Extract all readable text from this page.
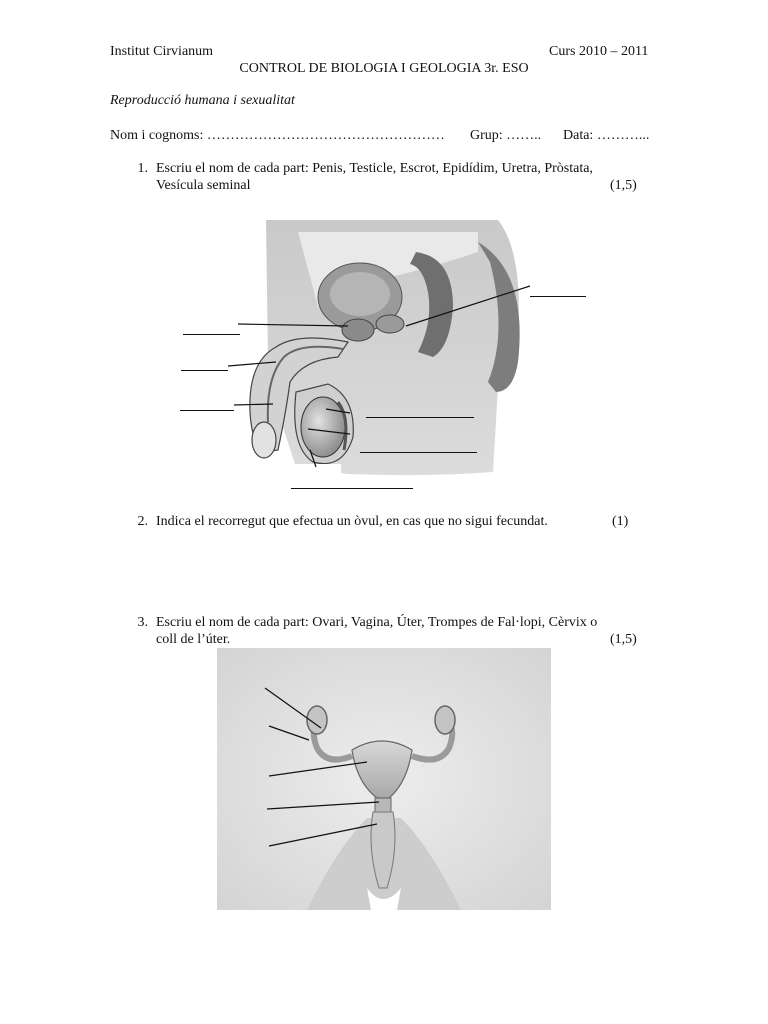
Institut Cirvianum	Curs 2010 – 2011
CONTROL DE BIOLOGIA I GEOLOGIA 3r. ESO
Reproducció humana i sexualitat
Nom i cognoms: …………………………………………… Grup: …….. Data: ………...
1. Escriu el nom de cada part: Penis, Testicle, Escrot, Epidídim, Uretra, Pròstata,
Vesícula seminal	(1,5)
2. Indica el recorregut que efectua un òvul, en cas que no sigui fecundat.	(1)
3. Escriu el nom de cada part: Ovari, Vagina, Úter, Trompes de Fal·lopi, Cèrvix o
coll de l’úter.	(1,5)
